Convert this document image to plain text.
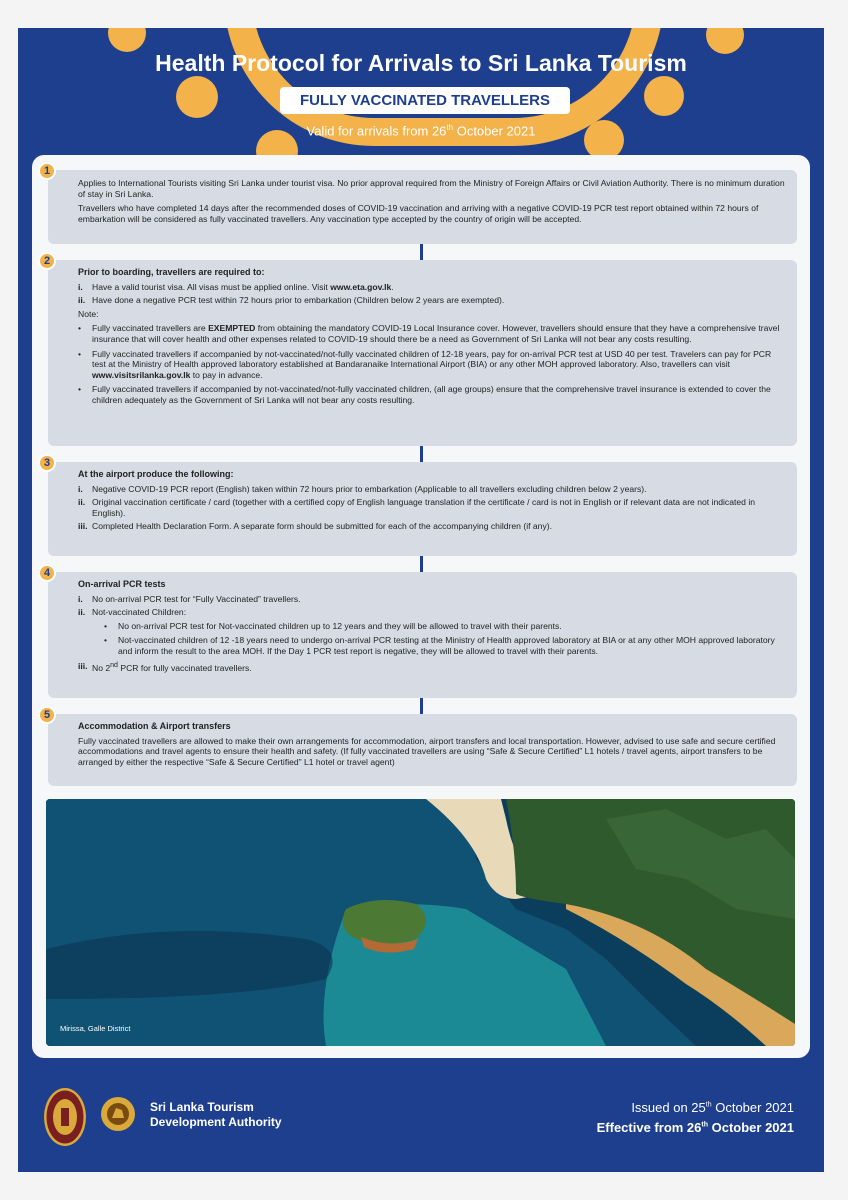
Health Protocol for Arrivals to Sri Lanka Tourism
FULLY VACCINATED TRAVELLERS
Valid for arrivals from 26th October 2021
1
Applies to International Tourists visiting Sri Lanka under tourist visa. No prior approval required from the Ministry of Foreign Affairs or Civil Aviation Authority. There is no minimum duration of stay in Sri Lanka.
Travellers who have completed 14 days after the recommended doses of COVID-19 vaccination and arriving with a negative COVID-19 PCR test report obtained within 72 hours of embarkation will be considered as fully vaccinated travellers. Any vaccination type accepted by the country of origin will be accepted.
2
Prior to boarding, travellers are required to:
i.	Have a valid tourist visa. All visas must be applied online. Visit www.eta.gov.lk.
ii. Have done a negative PCR test within 72 hours prior to embarkation (Children below 2 years are exempted).
Note:
•	Fully vaccinated travellers are EXEMPTED from obtaining the mandatory COVID-19 Local Insurance cover. However, travellers should ensure that they have a comprehensive travel insurance that will cover health and other expenses related to COVID-19 should there be a need as Government of Sri Lanka will not bear any costs resulting.
•	Fully vaccinated travellers if accompanied by not-vaccinated/not-fully vaccinated children of 12-18 years, pay for on-arrival PCR test at USD 40 per test. Travelers can pay for PCR test at the Ministry of Health approved laboratory established at Bandaranaike International Airport (BIA) or any other MOH approved laboratory. Also, travellers can visit www.visitsrilanka.gov.lk to pay in advance.
•	Fully vaccinated travellers if accompanied by not-vaccinated/not-fully vaccinated children, (all age groups) ensure that the comprehensive travel insurance is extended to cover the children adequately as the Government of Sri Lanka will not bear any costs resulting.
3
At the airport produce the following:
i.	Negative COVID-19 PCR report (English) taken within 72 hours prior to embarkation (Applicable to all travellers excluding children below 2 years).
ii. Original vaccination certificate / card (together with a certified copy of English language translation if the certificate / card is not in English or if relevant data are not indicated in English).
iii. Completed Health Declaration Form. A separate form should be submitted for each of the accompanying children (if any).
4
On-arrival PCR tests
i.	No on-arrival PCR test for “Fully Vaccinated” travellers.
ii. Not-vaccinated Children:
•	No on-arrival PCR test for Not-vaccinated children up to 12 years and they will be allowed to travel with their parents.
•	Not-vaccinated children of 12 -18 years need to undergo on-arrival PCR testing at the Ministry of Health approved laboratory at BIA or at any other MOH approved laboratory and inform the result to the area MOH. If the Day 1 PCR test report is negative, they will be allowed to travel with their parents.
iii. No 2nd PCR for fully vaccinated travellers.
5
Accommodation & Airport transfers
Fully vaccinated travellers are allowed to make their own arrangements for accommodation, airport transfers and local transportation. However, advised to use safe and secure certified accommodations and travel agents to ensure their health and safety. (If fully vaccinated travellers are using “Safe & Secure Certified” L1 hotels / travel agents, airport transfers to be arranged by either the respective “Safe & Secure Certified” L1 hotel or travel agent)
Mirissa, Galle District
Sri Lanka Tourism
Development Authority
Issued on 25th October 2021
Effective from 26th October 2021
